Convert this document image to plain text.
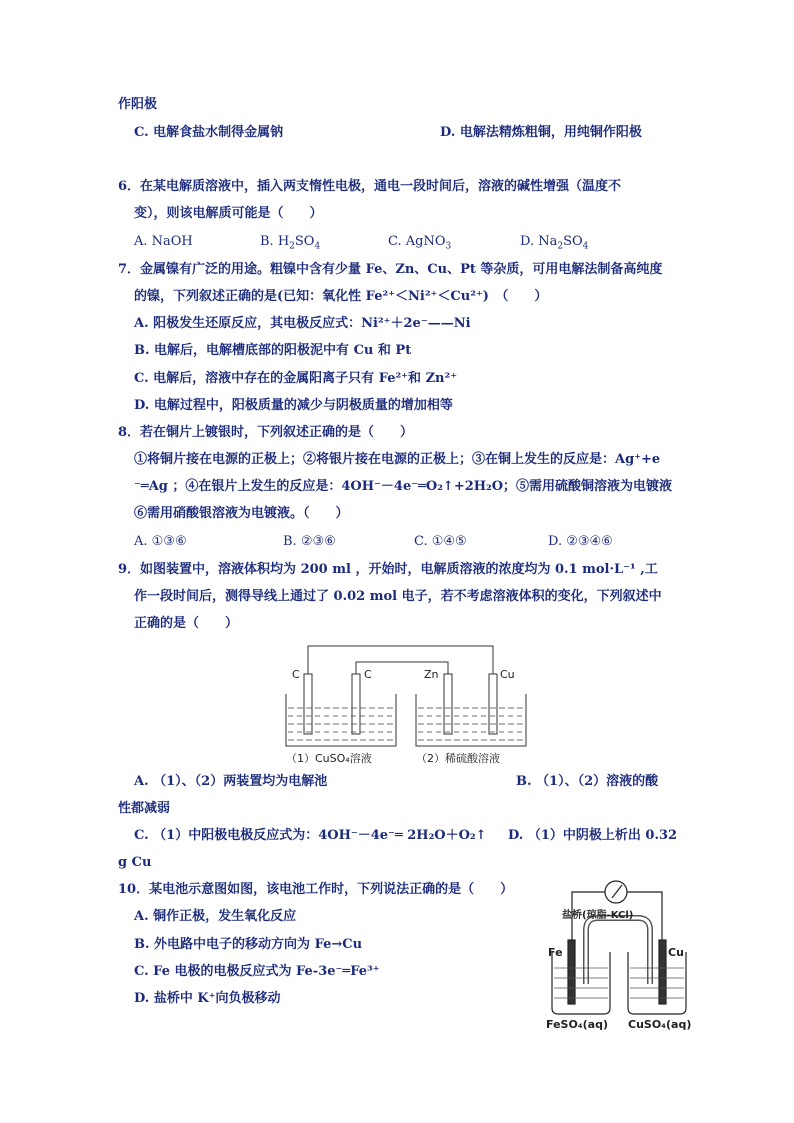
作阳极
C. 电解食盐水制得金属钠	D. 电解法精炼粗铜，用纯铜作阳极
6．在某电解质溶液中，插入两支惰性电极，通电一段时间后，溶液的碱性增强（温度不
变），则该电解质可能是（　　）
A. NaOH	B. $H_2SO_4$	C. AgNO$_3$	D. $Na_2SO_4$
7．金属镍有广泛的用途。粗镍中含有少量 Fe、Zn、Cu、Pt 等杂质，可用电解法制备高纯度
的镍，下列叙述正确的是(已知：氧化性 Fe²⁺＜Ni²⁺＜Cu²⁺)　（　　）
A. 阳极发生还原反应，其电极反应式：Ni²⁺＋2e⁻——Ni
B. 电解后，电解槽底部的阳极泥中有 Cu 和 Pt
C. 电解后，溶液中存在的金属阳离子只有 Fe²⁺和 Zn²⁺
D. 电解过程中，阳极质量的减少与阴极质量的增加相等
8．若在铜片上镀银时，下列叙述正确的是（　　）
①将铜片接在电源的正极上；②将银片接在电源的正极上；③在铜上发生的反应是：Ag⁺+e
⁻═Ag ；④在银片上发生的反应是：4OH⁻－4e⁻═O₂↑+2H₂O；⑤需用硫酸铜溶液为电镀液
⑥需用硝酸银溶液为电镀液。（　　）
A. ①③⑥	B. ②③⑥	C. ①④⑤	D. ②③④⑥
9．如图装置中，溶液体积均为 200 ml ，开始时，电解质溶液的浓度均为 0.1 mol·L⁻¹ ,工
作一段时间后，测得导线上通过了 0.02 mol 电子，若不考虑溶液体积的变化，下列叙述中
正确的是（　　）
C	C	Zn	Cu
（1）CuSO₄溶液	（2）稀硫酸溶液
A. （1）、（2）两装置均为电解池	B. （1）、（2）溶液的酸
性都减弱
C. （1）中阳极电极反应式为：4OH⁻－4e⁻═ 2H₂O＋O₂↑ D. （1）中阴极上析出 0.32
g Cu
10．某电池示意图如图，该电池工作时，下列说法正确的是（　　）
A. 铜作正极，发生氧化反应
B. 外电路中电子的移动方向为 Fe→Cu
C. Fe 电极的电极反应式为 Fe-3e⁻═Fe³⁺
D. 盐桥中 K⁺向负极移动
盐桥(琼脂-KCl)
Fe	Cu
FeSO₄(aq) CuSO₄(aq)
